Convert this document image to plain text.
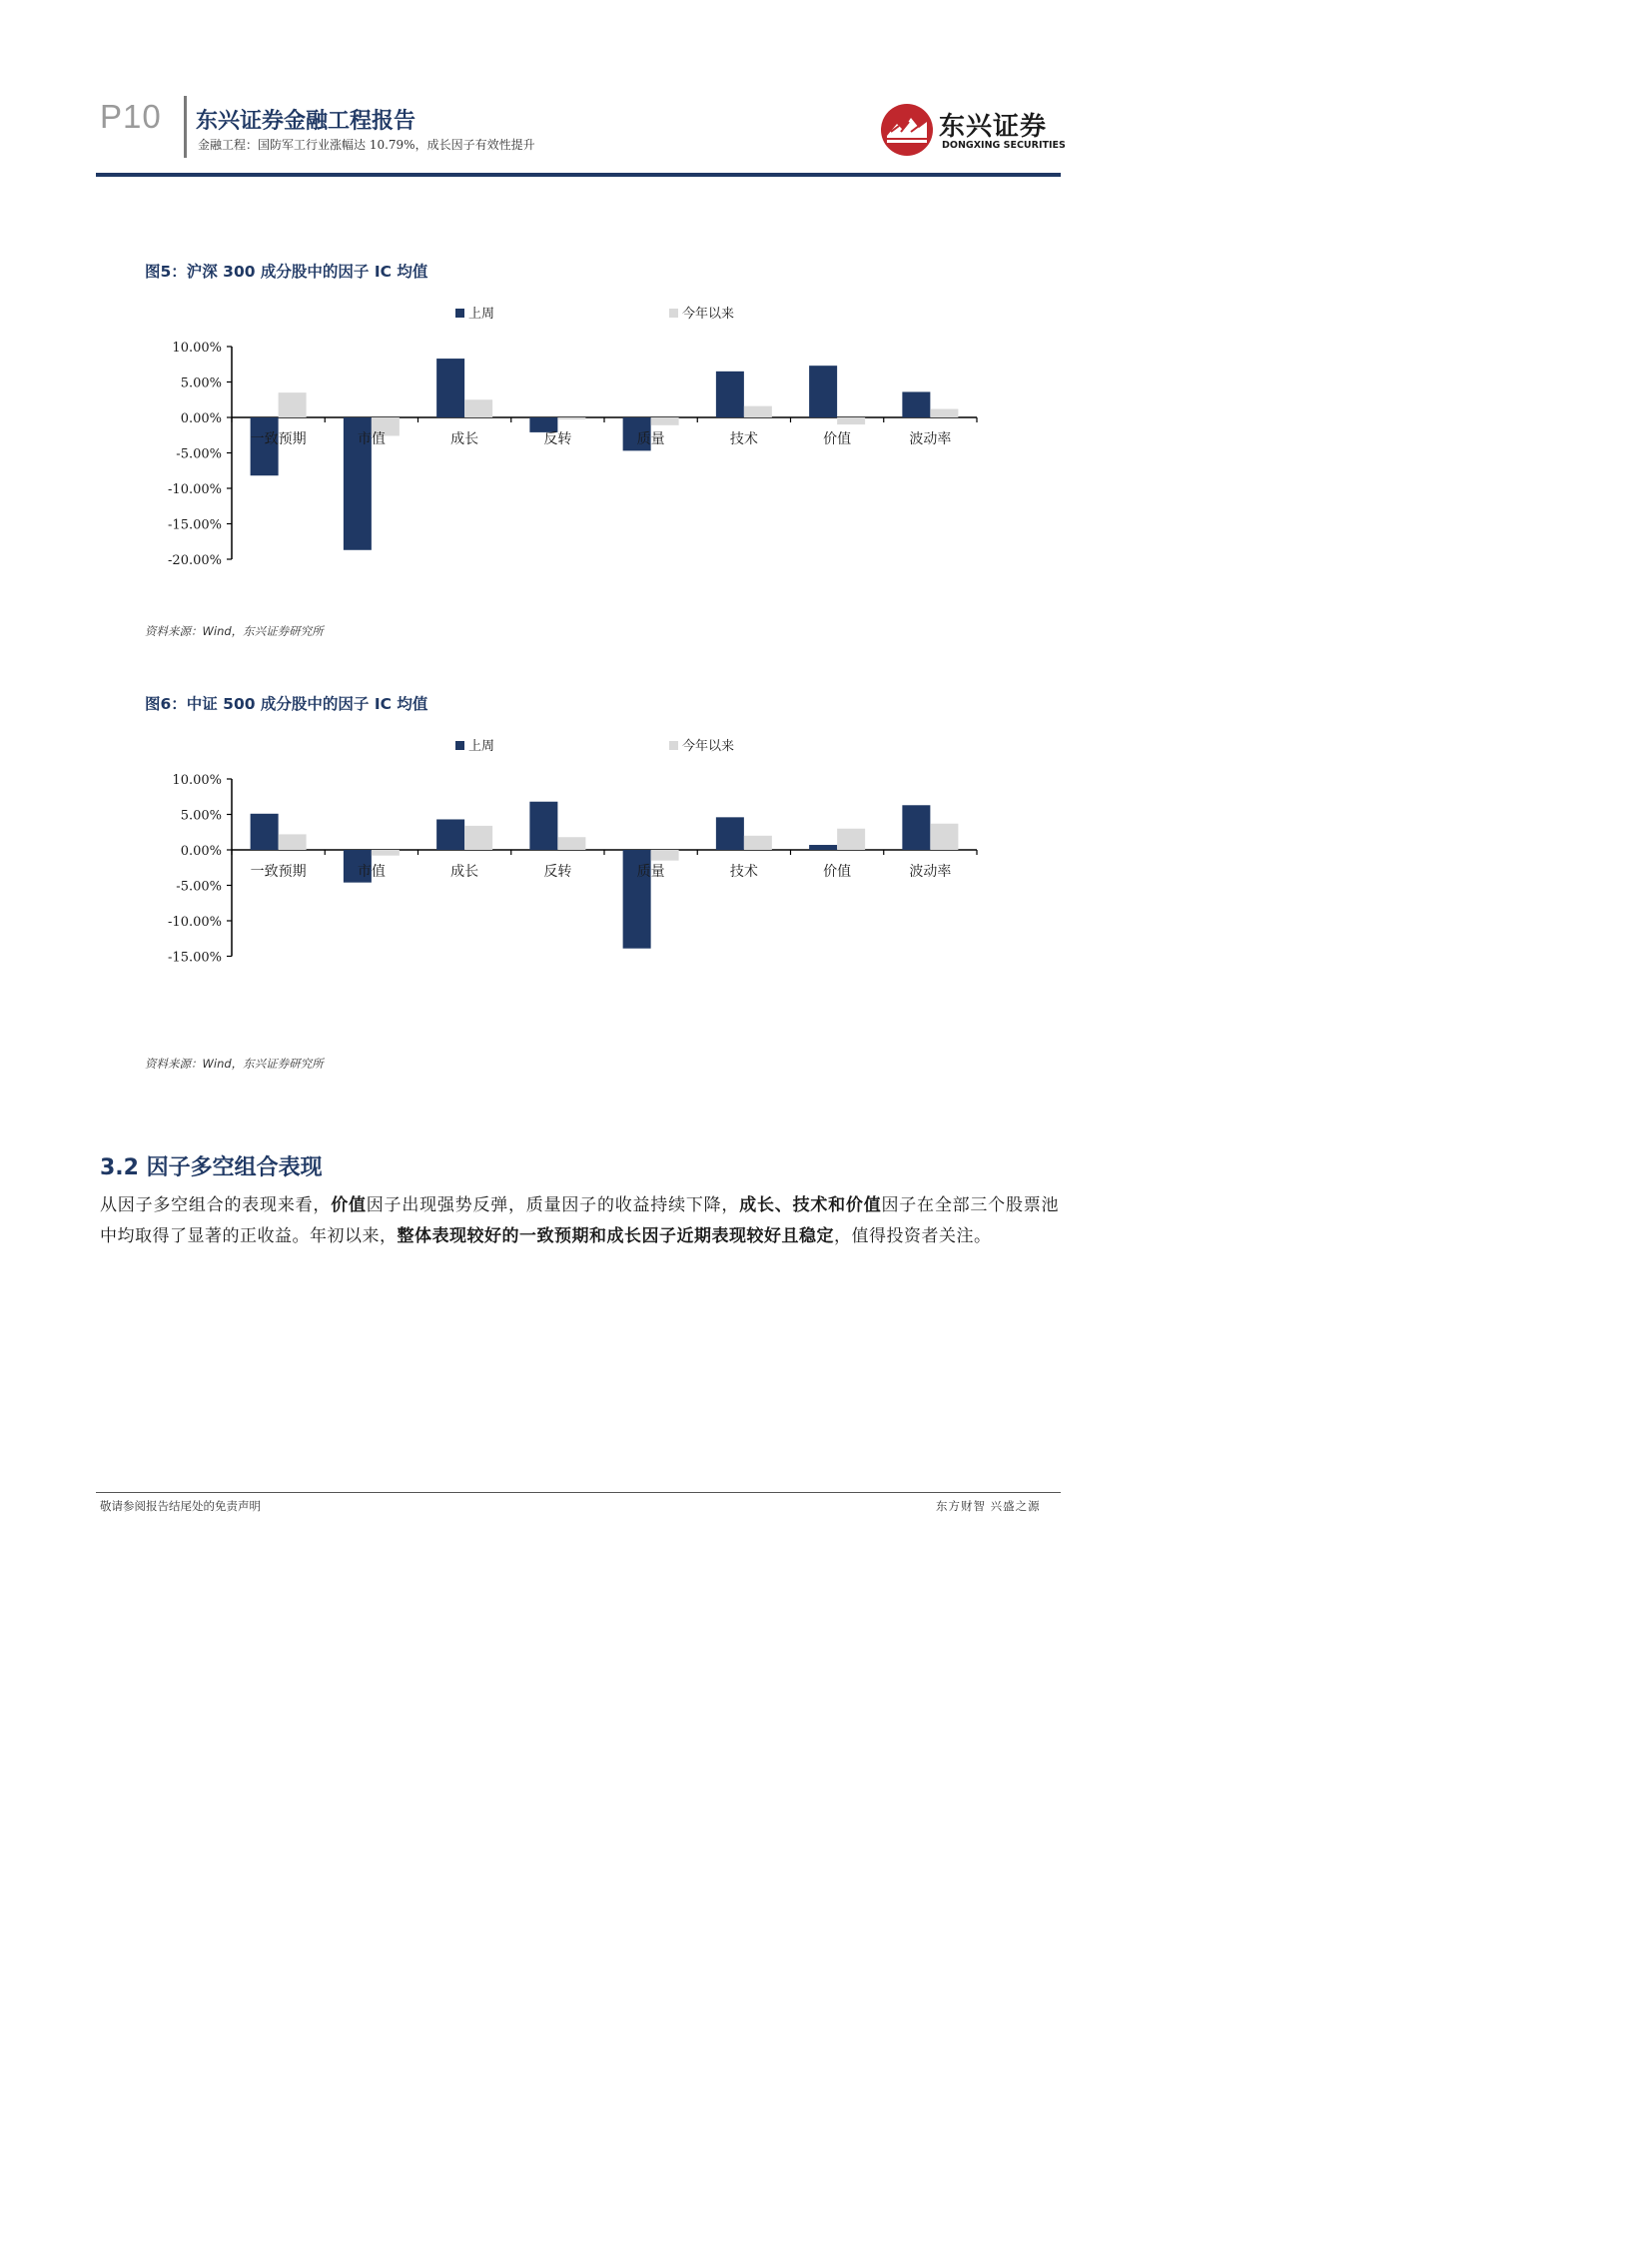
P10 东兴证券金融工程报告
金融工程：国防军工行业涨幅达 10.79%，成长因子有效性提升
东兴证券
DONGXING SECURITIES
图5：沪深 300 成分股中的因子 IC 均值
上周	今年以来
10.00%
5.00%
0.00%
-5.00%
-10.00%
-15.00%
-20.00%
一致预期	市值	成长	反转	质量	技术	价值	波动率
资料来源：Wind，东兴证券研究所
图6：中证 500 成分股中的因子 IC 均值
上周	今年以来
10.00%
5.00%
0.00%
-5.00%
-10.00%
-15.00%
一致预期	市值	成长	反转	质量	技术	价值	波动率
资料来源：Wind，东兴证券研究所
3.2 因子多空组合表现
从因子多空组合的表现来看，价值因子出现强势反弹，质量因子的收益持续下降，成长、技术和价值因子在全部三个股票池中均取得了显著的正收益。年初以来，整体表现较好的一致预期和成长因子近期表现较好且稳定，值得投资者关注。
敬请参阅报告结尾处的免责声明	东方财智 兴盛之源
